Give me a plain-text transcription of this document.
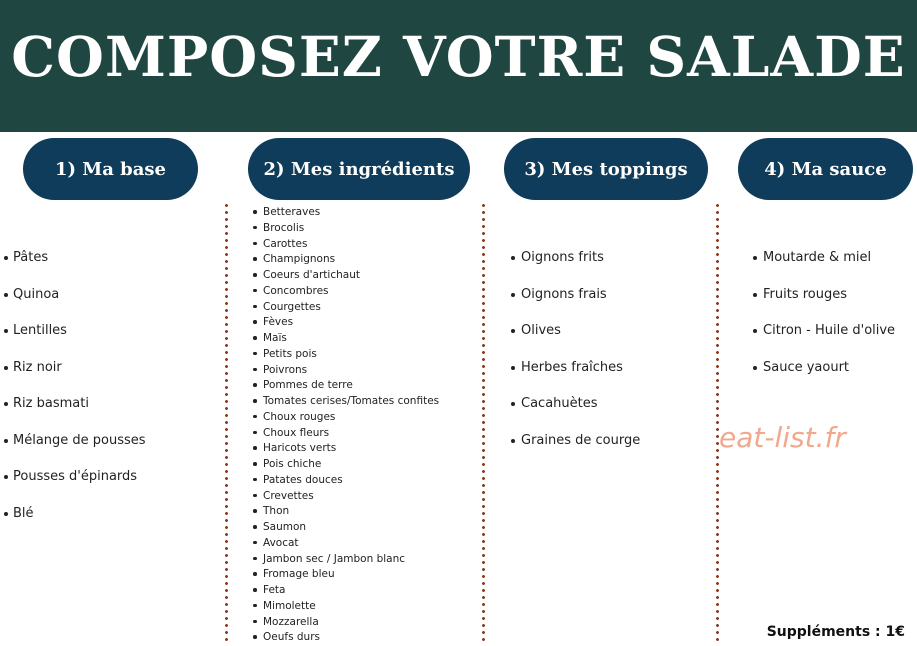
COMPOSEZ VOTRE SALADE
1) Ma base	2) Mes ingrédients	3) Mes toppings	4) Ma sauce
Pâtes
Quinoa
Lentilles
Riz noir
Riz basmati
Mélange de pousses
Pousses d'épinards
Blé
Betteraves
Brocolis
Carottes
Champignons
Coeurs d'artichaut
Concombres
Courgettes
Fèves
Maïs
Petits pois
Poivrons
Pommes de terre
Tomates cerises/Tomates confites
Choux rouges
Choux fleurs
Haricots verts
Pois chiche
Patates douces
Crevettes
Thon
Saumon
Avocat
Jambon sec / Jambon blanc
Fromage bleu
Feta
Mimolette
Mozzarella
Oeufs durs
Oignons frits
Oignons frais
Olives
Herbes fraîches
Cacahuètes
Graines de courge
Moutarde & miel
Fruits rouges
Citron - Huile d'olive
Sauce yaourt
eat-list.fr
Suppléments : 1€
